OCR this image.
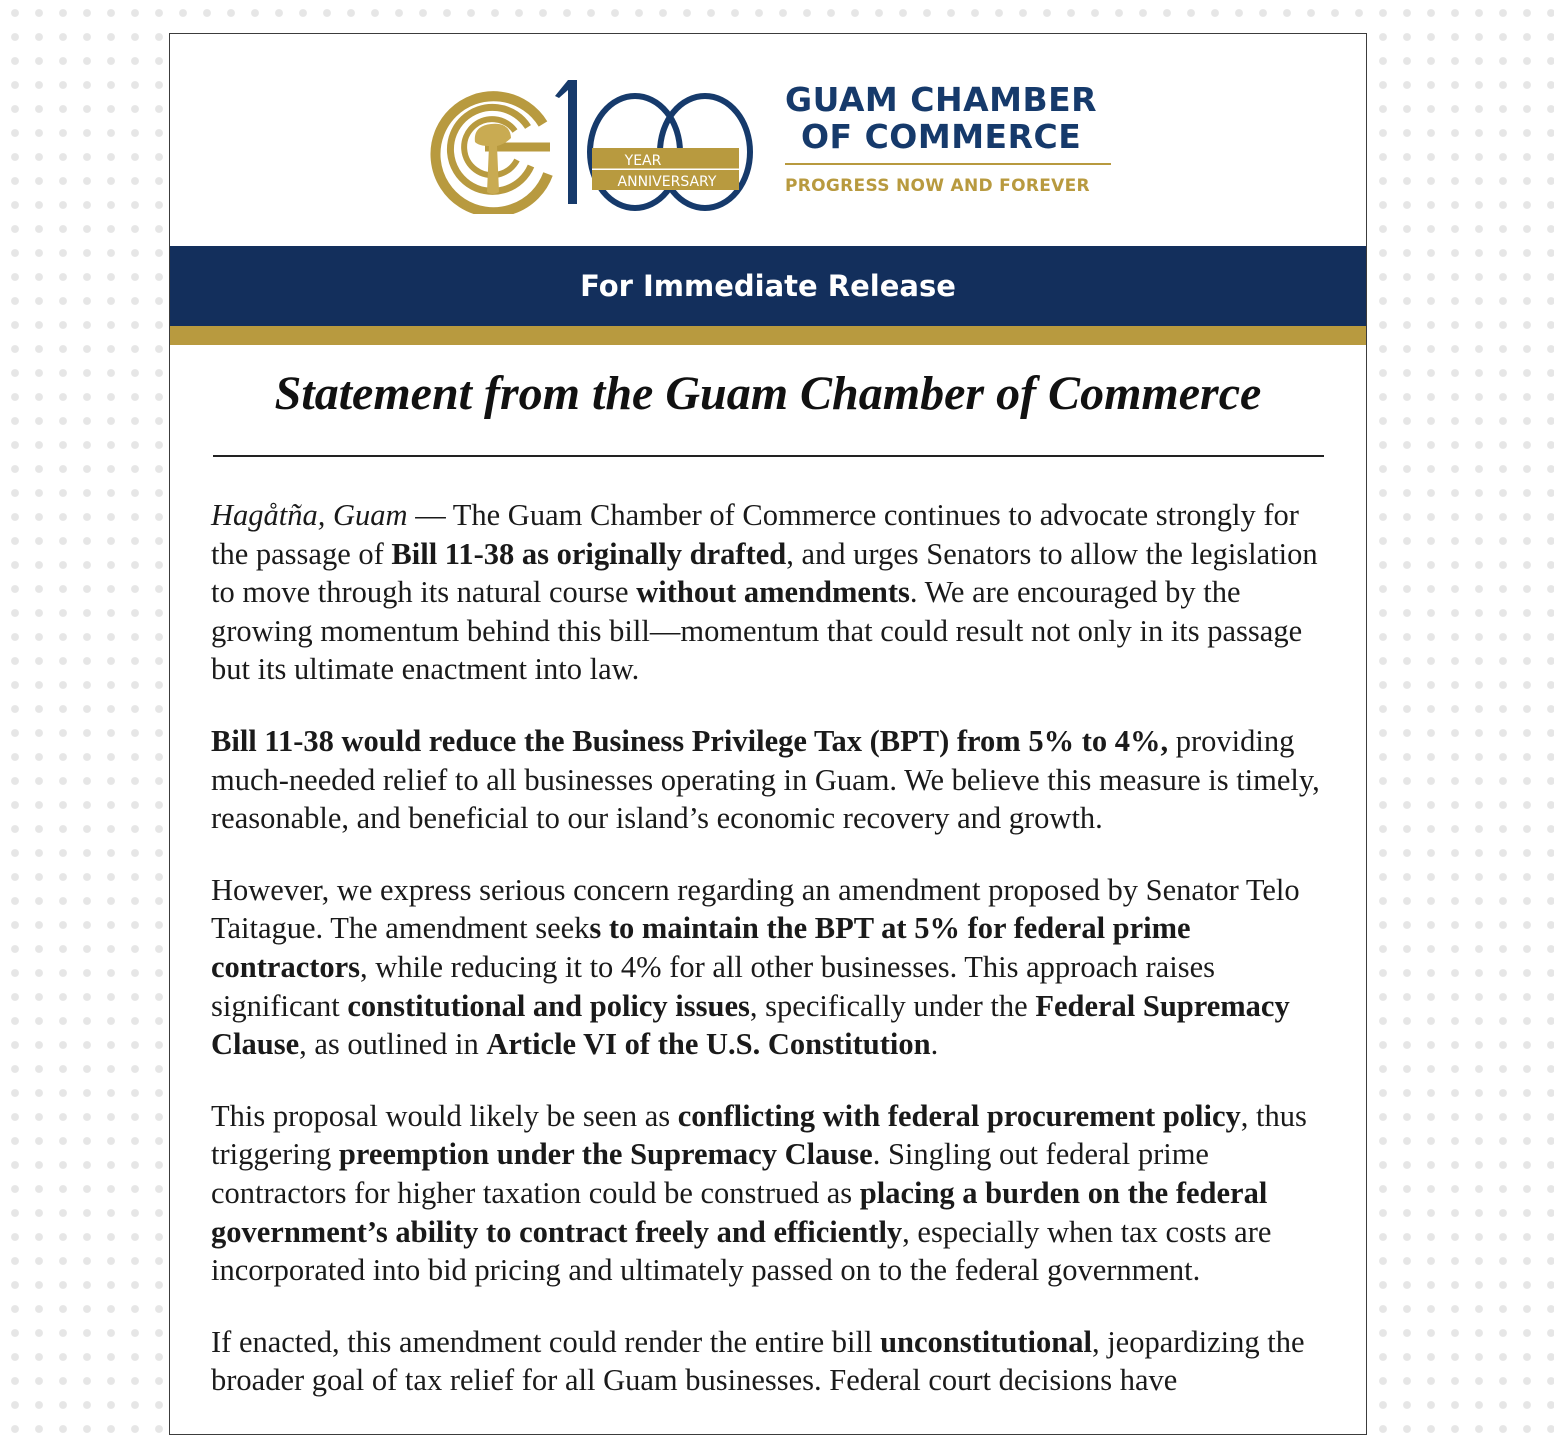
YEAR
ANNIVERSARY
GUAM CHAMBER
OF COMMERCE
PROGRESS NOW AND FOREVER
For Immediate Release
Statement from the Guam Chamber of Commerce

Hagåtña, Guam — The Guam Chamber of Commerce continues to advocate strongly for the passage of Bill 11-38 as originally drafted, and urges Senators to allow the legislation to move through its natural course without amendments. We are encouraged by the growing momentum behind this bill—momentum that could result not only in its passage but its ultimate enactment into law.

Bill 11-38 would reduce the Business Privilege Tax (BPT) from 5% to 4%, providing much-needed relief to all businesses operating in Guam. We believe this measure is timely, reasonable, and beneficial to our island’s economic recovery and growth.

However, we express serious concern regarding an amendment proposed by Senator Telo Taitague. The amendment seeks to maintain the BPT at 5% for federal prime contractors, while reducing it to 4% for all other businesses. This approach raises significant constitutional and policy issues, specifically under the Federal Supremacy Clause, as outlined in Article VI of the U.S. Constitution.

This proposal would likely be seen as conflicting with federal procurement policy, thus triggering preemption under the Supremacy Clause. Singling out federal prime contractors for higher taxation could be construed as placing a burden on the federal government’s ability to contract freely and efficiently, especially when tax costs are incorporated into bid pricing and ultimately passed on to the federal government.

If enacted, this amendment could render the entire bill unconstitutional, jeopardizing the broader goal of tax relief for all Guam businesses. Federal court decisions have
